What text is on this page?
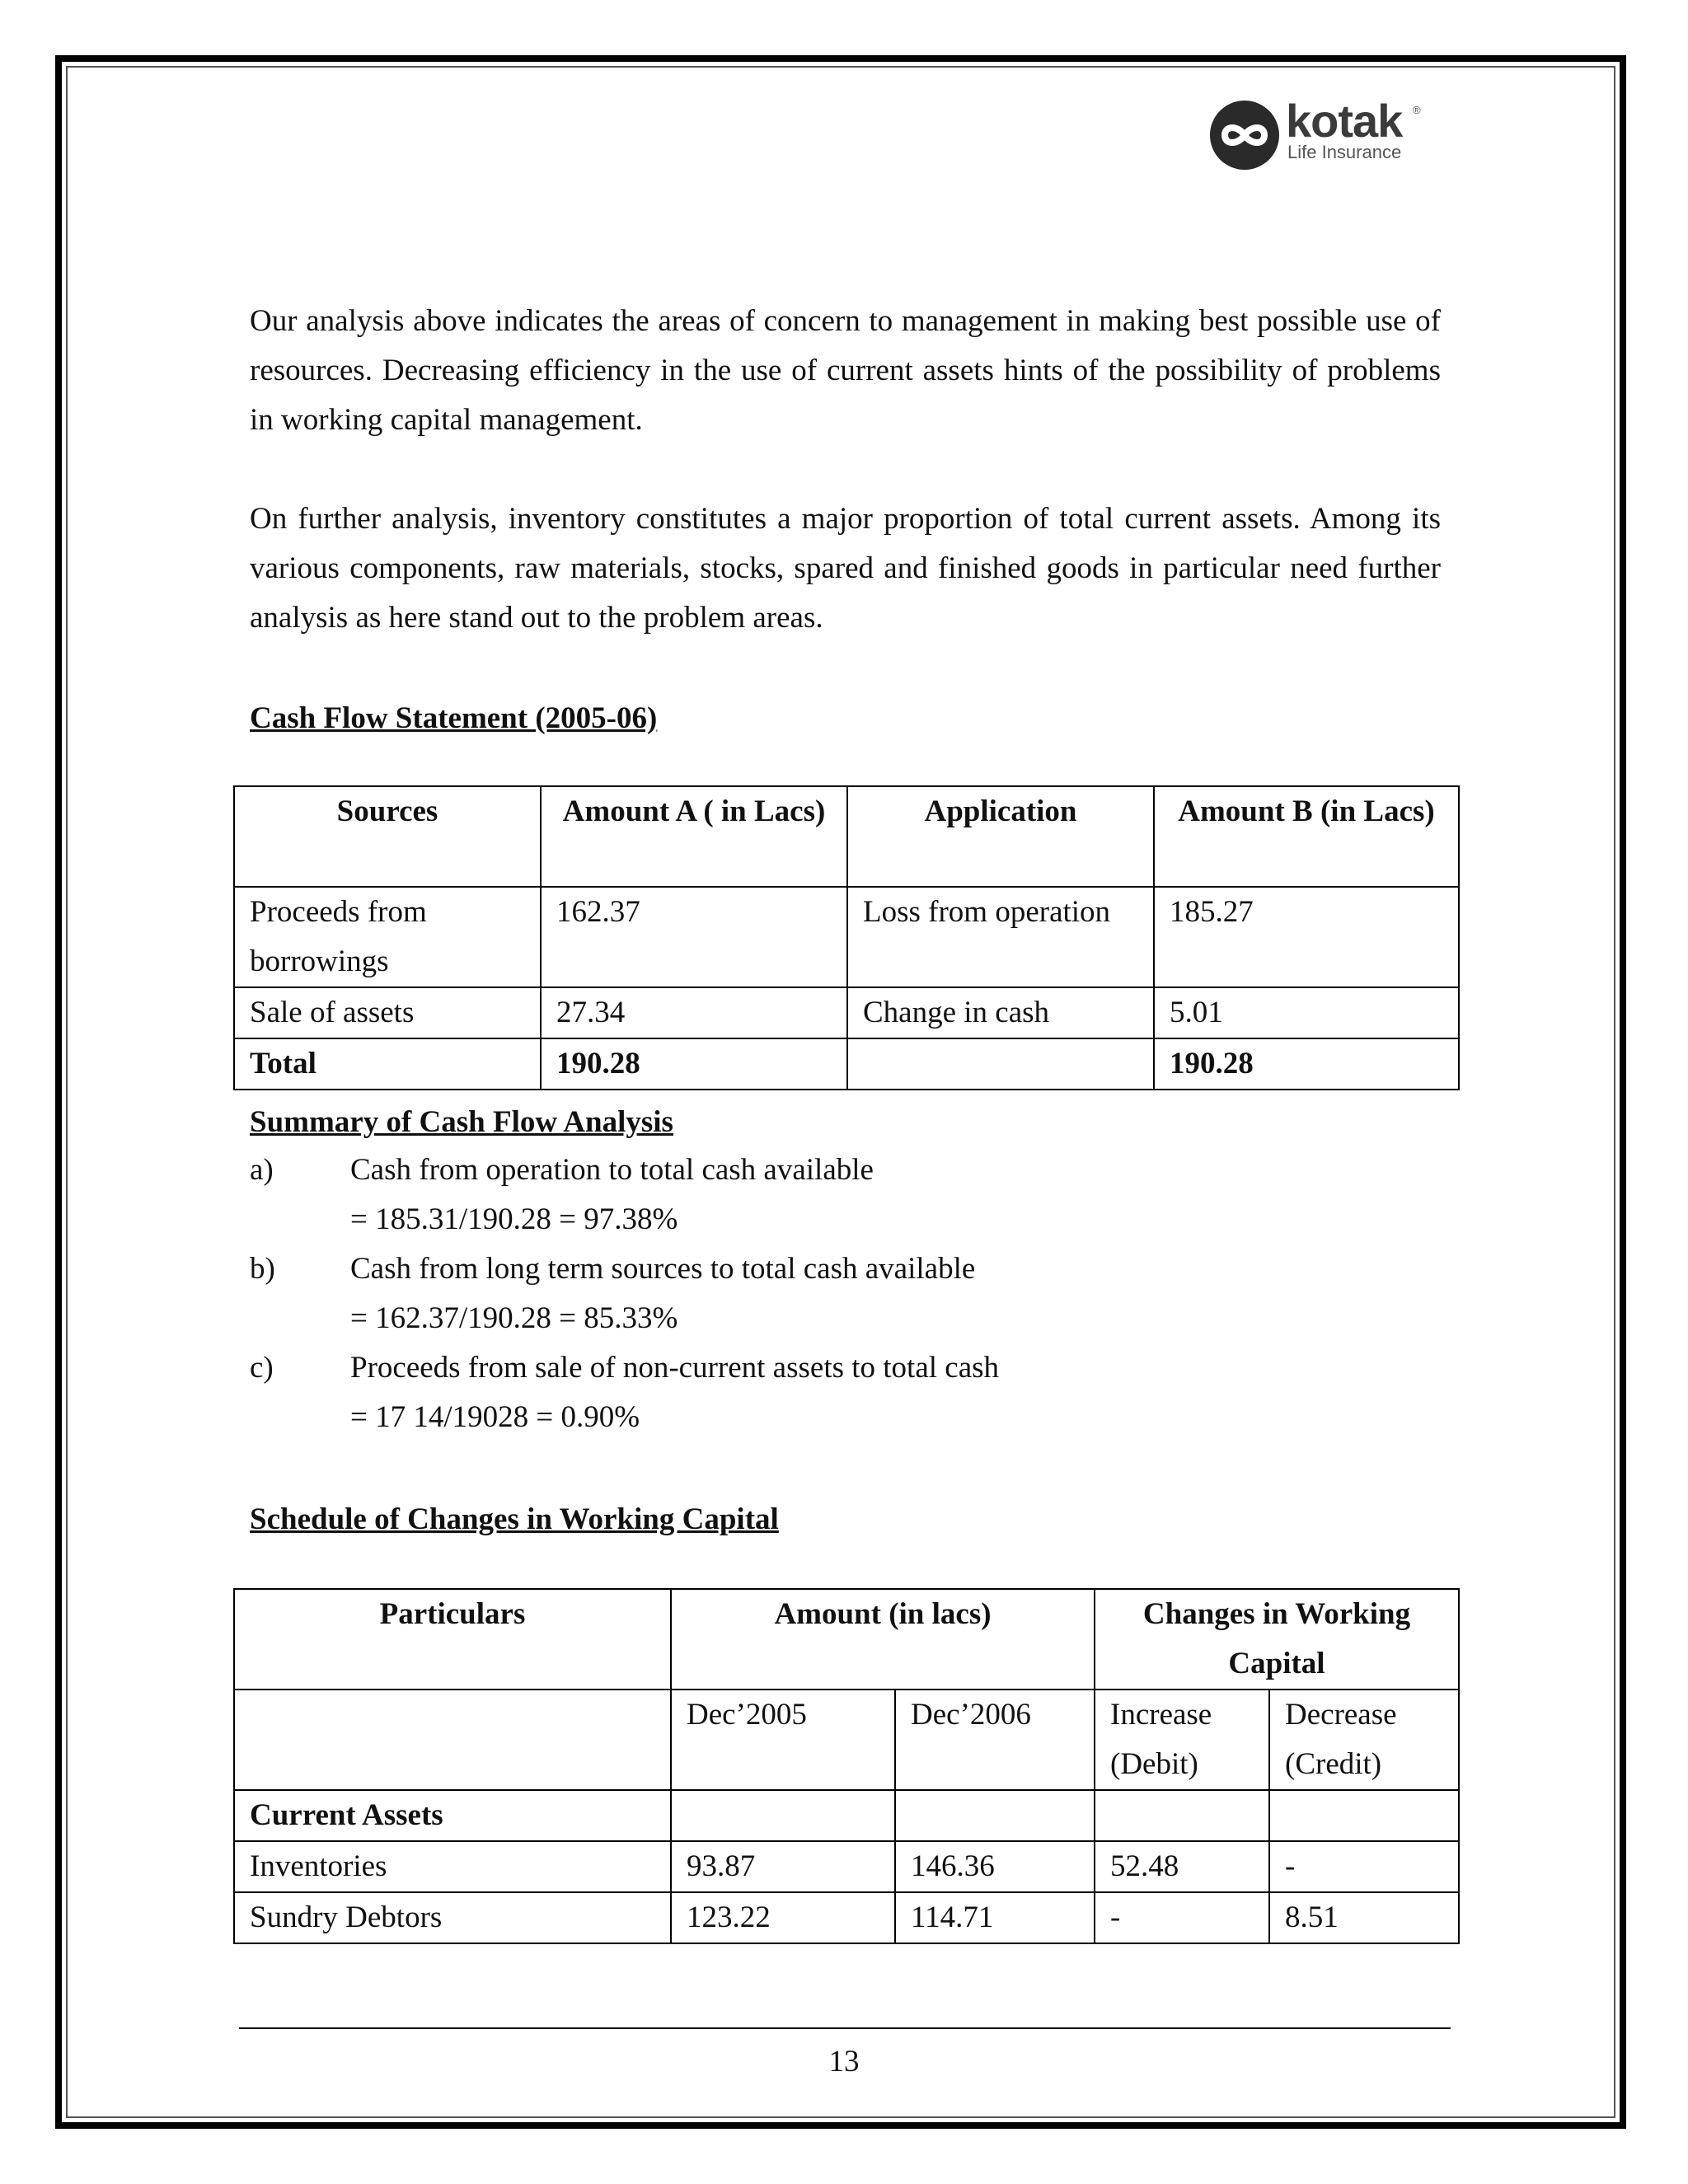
kotak ®
Life Insurance

Our analysis above indicates the areas of concern to management in making best possible use of resources. Decreasing efficiency in the use of current assets hints of the possibility of problems in working capital management.

On further analysis, inventory constitutes a major proportion of total current assets. Among its various components, raw materials, stocks, spared and finished goods in particular need further analysis as here stand out to the problem areas.

Cash Flow Statement (2005-06)

Sources	Amount A ( in Lacs)	Application	Amount B (in Lacs)
Proceeds from borrowings	162.37	Loss from operation	185.27
Sale of assets	27.34	Change in cash	5.01
Total	190.28		190.28

Summary of Cash Flow Analysis

a)	Cash from operation to total cash available
= 185.31/190.28 = 97.38%
b) Cash from long term sources to total cash available
= 162.37/190.28 = 85.33%
c)	Proceeds from sale of non-current assets to total cash
= 17 14/19028 = 0.90%

Schedule of Changes in Working Capital

Particulars	Amount (in lacs)		Changes in Working Capital	
	Dec’2005	Dec’2006	Increase (Debit)	Decrease (Credit)
Current Assets				
Inventories	93.87	146.36	52.48	-
Sundry Debtors	123.22	114.71	-	8.51
13
